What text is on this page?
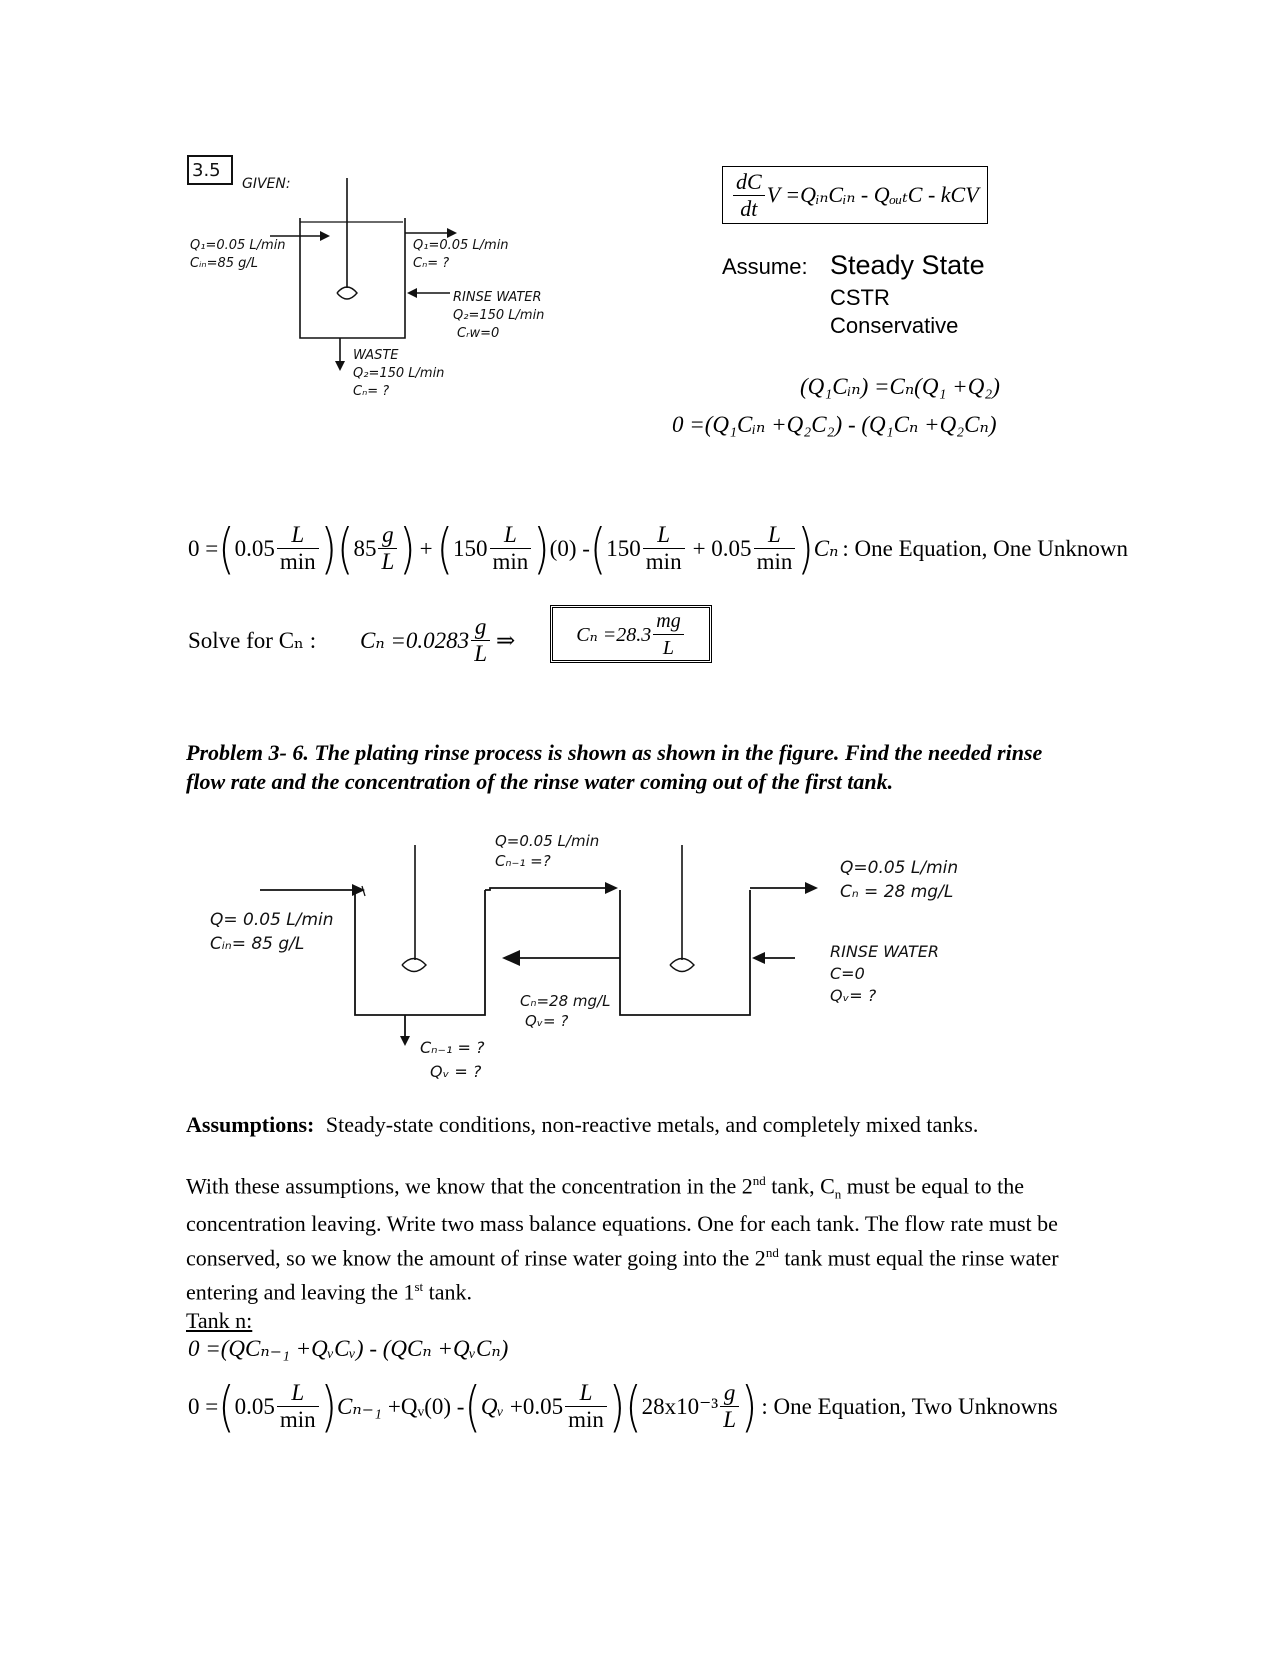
3.5
GIVEN:
Q₁=0.05 L/min
Cᵢₙ=85 g/L
Q₁=0.05 L/min
Cₙ= ?
RINSE WATER
Q₂=150 L/min
Cᵣw=0
WASTE
Q₂=150 L/min
Cₙ= ?
$\frac{dC}{dt}$ V =QᵢₙCᵢₙ - QₒᵤₜC - kCV
Assume: Steady State
CSTR
Conservative
(Q₁Cᵢₙ) =Cₙ(Q₁ +Q₂)
0 =(Q₁Cᵢₙ +Q₂C₂) - (Q₁Cₙ +Q₂Cₙ)
0 = ( $0.05 \frac{L}{\min}$ )( $85 \frac{g}{L}$ ) + ( $150 \frac{L}{\min}$ ) (0) - ( $150 \frac{L}{\min} + 0.05 \frac{L}{\min}$ ) Cₙ : One Equation, One Unknown
Solve for Cₙ : $C_n =0.0283 \frac{g}{L}$ ⇒	$C_n =28.3 \frac{mg}{L}$
Problem 3- 6. The plating rinse process is shown as shown in the figure. Find the needed rinse flow rate and the concentration of the rinse water coming out of the first tank.
Q=0.05 L/min
Cₙ₋₁ =?	Q=0.05 L/min
Cₙ = 28 mg/L
Q= 0.05 L/min
Cᵢₙ= 85 g/L	RINSE WATER
C=0
Qᵥ= ?
Cₙ=28 mg/L
Qᵥ= ?
Cₙ₋₁ = ?
Qᵥ = ?
Assumptions: Steady-state conditions, non-reactive metals, and completely mixed tanks.
With these assumptions, we know that the concentration in the 2nd tank, $C_n$ must be equal to the concentration leaving. Write two mass balance equations. One for each tank. The flow rate must be conserved, so we know the amount of rinse water going into the 2nd tank must equal the rinse water entering and leaving the 1st tank.
Tank n:
0 =(QCₙ₋₁ +QᵥCᵥ) - (QCₙ +QᵥCₙ)
0 = ( $0.05 \frac{L}{\min}$ ) Cₙ₋₁ +Qᵥ(0) - ( Qᵥ $+0.05 \frac{L}{\min}$ )( $28x10^{-3} \frac{g}{L}$ ) : One Equation, Two Unknowns
